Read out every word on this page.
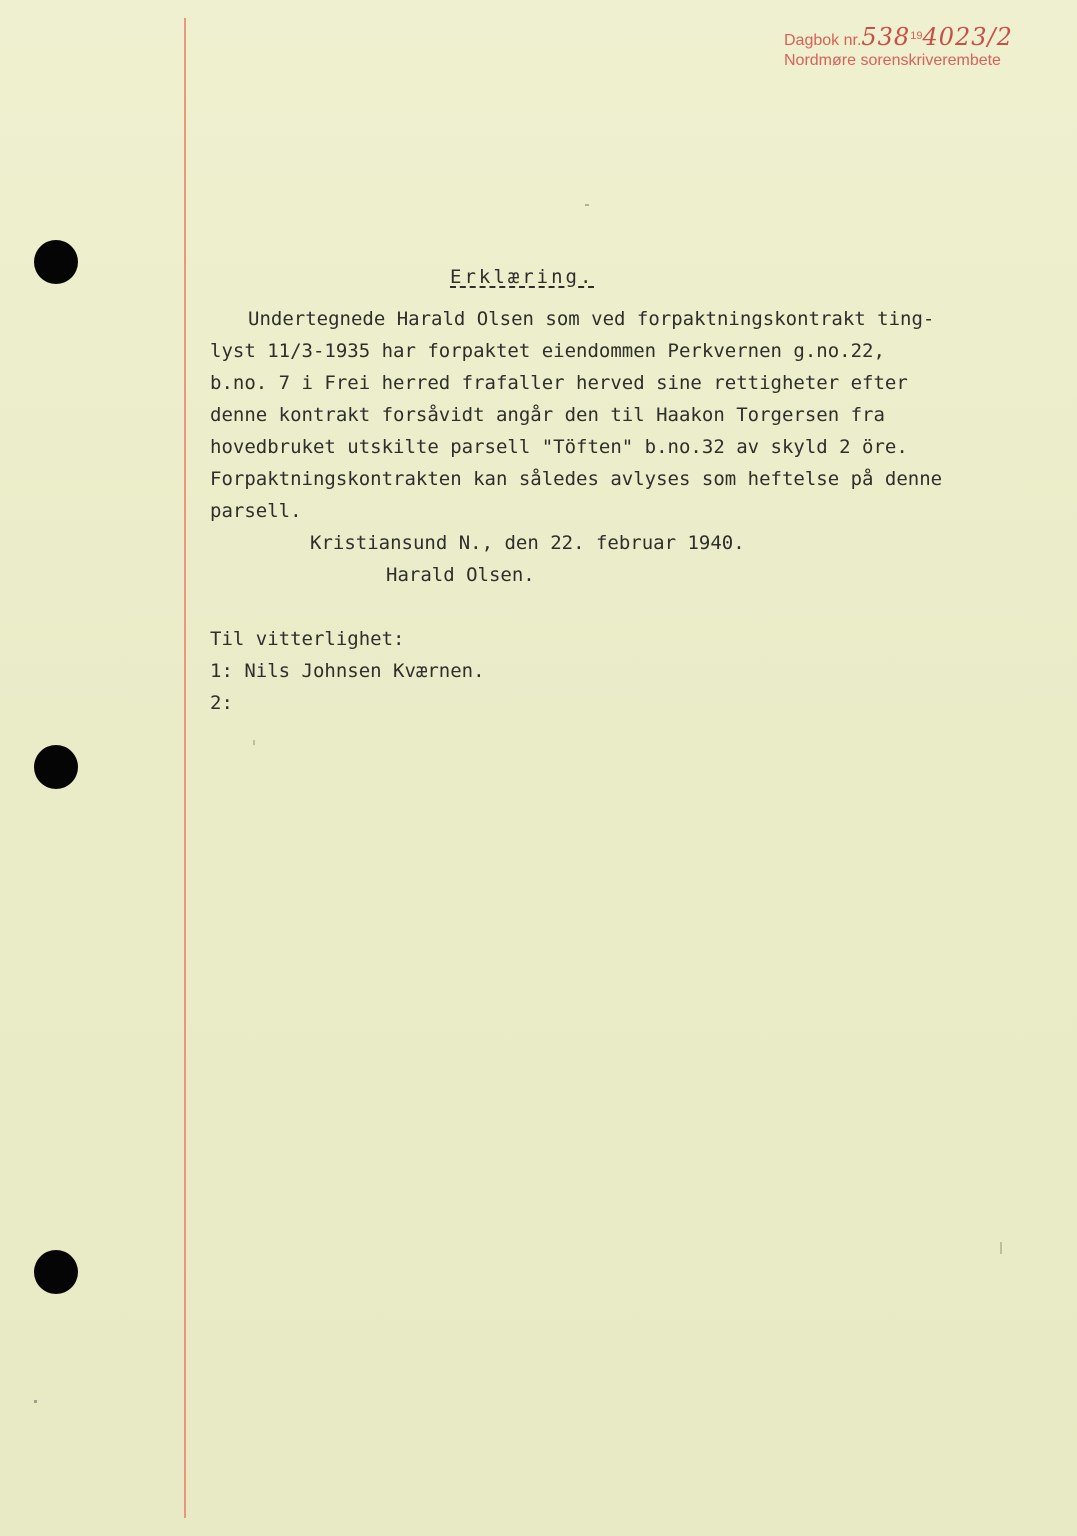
Dagbok nr.538$^{19}$4023/2
Nordmøre sorenskriverembete
Erklæring.
Undertegnede Harald Olsen som ved forpaktningskontrakt ting-
lyst 11/3-1935 har forpaktet eiendommen Perkvernen g.no.22,
b.no. 7 i Frei herred frafaller herved sine rettigheter efter
denne kontrakt forsåvidt angår den til Haakon Torgersen fra
hovedbruket utskilte parsell "Töften" b.no.32 av skyld 2 öre.
Forpaktningskontrakten kan således avlyses som heftelse på denne
parsell.
Kristiansund N., den 22. februar 1940.
Harald Olsen.
Til vitterlighet:
1: Nils Johnsen Kværnen.
2:
